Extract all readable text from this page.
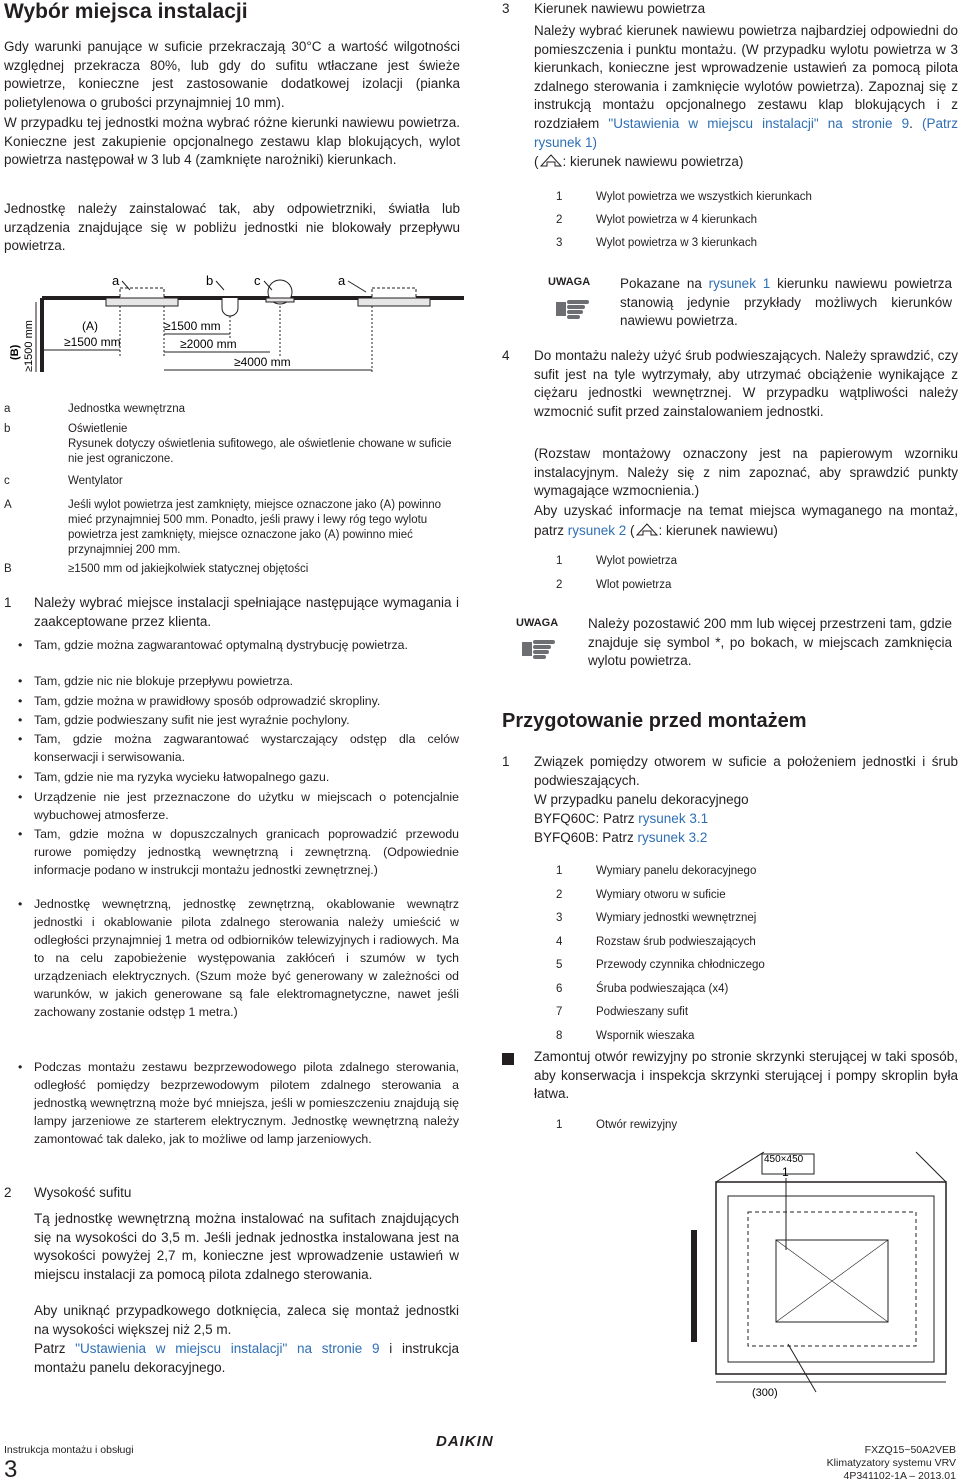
Wybór miejsca instalacji
Gdy warunki panujące w suficie przekraczają 30°C a wartość wilgotności względnej przekracza 80%, lub gdy do sufitu wtłaczane jest świeże powietrze, konieczne jest zastosowanie dodatkowej izolacji (pianka polietylenowa o grubości przynajmniej 10 mm).
W przypadku tej jednostki można wybrać różne kierunki nawiewu powietrza. Konieczne jest zakupienie opcjonalnego zestawu klap blokujących, wylot powietrza następował w 3 lub 4 (zamknięte narożniki) kierunkach.
Jednostkę należy zainstalować tak, aby odpowietrzniki, światła lub urządzenia znajdujące się w pobliżu jednostki nie blokowały przepływu powietrza.
a	b	c	a
(B) ≥1500 mm	(A)
≥1500 mm
≥1500 mm
≥2000 mm
≥4000 mm
a	Jednostka wewnętrzna
b	Oświetlenie
Rysunek dotyczy oświetlenia sufitowego, ale oświetlenie chowane w suficie nie jest ograniczone.
c	Wentylator
A	Jeśli wylot powietrza jest zamknięty, miejsce oznaczone jako (A) powinno mieć przynajmniej 500 mm. Ponadto, jeśli prawy i lewy róg tego wylotu powietrza jest zamknięty, miejsce oznaczone jako (A) powinno mieć przynajmniej 200 mm.
B	≥1500 mm od jakiejkolwiek statycznej objętości
1 Należy wybrać miejsce instalacji spełniające następujące wymagania i zaakceptowane przez klienta.
• Tam, gdzie można zagwarantować optymalną dystrybucję powietrza.
• Tam, gdzie nic nie blokuje przepływu powietrza.
• Tam, gdzie można w prawidłowy sposób odprowadzić skropliny.
• Tam, gdzie podwieszany sufit nie jest wyraźnie pochylony.
• Tam, gdzie można zagwarantować wystarczający odstęp dla celów konserwacji i serwisowania.
• Tam, gdzie nie ma ryzyka wycieku łatwopalnego gazu.
• Urządzenie nie jest przeznaczone do użytku w miejscach o potencjalnie wybuchowej atmosferze.
• Tam, gdzie można w dopuszczalnych granicach poprowadzić przewodu rurowe pomiędzy jednostką wewnętrzną i zewnętrzną. (Odpowiednie informacje podano w instrukcji montażu jednostki zewnętrznej.)
• Jednostkę wewnętrzną, jednostkę zewnętrzną, okablowanie wewnątrz jednostki i okablowanie pilota zdalnego sterowania należy umieścić w odległości przynajmniej 1 metra od odbiorników telewizyjnych i radiowych. Ma to na celu zapobieżenie występowania zakłóceń i szumów w tych urządzeniach elektrycznych. (Szum może być generowany w zależności od warunków, w jakich generowane są fale elektromagnetyczne, nawet jeśli zachowany zostanie odstęp 1 metra.)
• Podczas montażu zestawu bezprzewodowego pilota zdalnego sterowania, odległość pomiędzy bezprzewodowym pilotem zdalnego sterowania a jednostką wewnętrzną może być mniejsza, jeśli w pomieszczeniu znajdują się lampy jarzeniowe ze starterem elektrycznym. Jednostkę wewnętrzną należy zamontować tak daleko, jak to możliwe od lamp jarzeniowych.
2 Wysokość sufitu
Tą jednostkę wewnętrzną można instalować na sufitach znajdujących się na wysokości do 3,5 m. Jeśli jednak jednostka instalowana jest na wysokości powyżej 2,7 m, konieczne jest wprowadzenie ustawień w miejscu instalacji za pomocą pilota zdalnego sterowania.
Aby uniknąć przypadkowego dotknięcia, zaleca się montaż jednostki na wysokości większej niż 2,5 m.
Patrz "Ustawienia w miejscu instalacji" na stronie 9 i instrukcja montażu panelu dekoracyjnego.
3 Kierunek nawiewu powietrza
Należy wybrać kierunek nawiewu powietrza najbardziej odpowiedni do pomieszczenia i punktu montażu. (W przypadku wylotu powietrza w 3 kierunkach, konieczne jest wprowadzenie ustawień za pomocą pilota zdalnego sterowania i zamknięcie wylotów powietrza). Zapoznaj się z instrukcją montażu opcjonalnego zestawu klap blokujących i z rozdziałem "Ustawienia w miejscu instalacji" na stronie 9. (Patrz rysunek 1)
( : kierunek nawiewu powietrza)
1	Wylot powietrza we wszystkich kierunkach
2	Wylot powietrza w 4 kierunkach
3	Wylot powietrza w 3 kierunkach
UWAGA Pokazane na rysunek 1 kierunku nawiewu powietrza stanowią jedynie przykłady możliwych kierunków nawiewu powietrza.
4 Do montażu należy użyć śrub podwieszających. Należy sprawdzić, czy sufit jest na tyle wytrzymały, aby utrzymać obciążenie wynikające z ciężaru jednostki wewnętrznej. W przypadku wątpliwości należy wzmocnić sufit przed zainstalowaniem jednostki.
(Rozstaw montażowy oznaczony jest na papierowym wzorniku instalacyjnym. Należy się z nim zapoznać, aby sprawdzić punkty wymagające wzmocnienia.)
Aby uzyskać informacje na temat miejsca wymaganego na montaż, patrz rysunek 2 ( : kierunek nawiewu)
1	Wylot powietrza
2	Wlot powietrza
UWAGA Należy pozostawić 200 mm lub więcej przestrzeni tam, gdzie znajduje się symbol *, po bokach, w miejscach zamknięcia wylotu powietrza.
Przygotowanie przed montażem
1 Związek pomiędzy otworem w suficie a położeniem jednostki i śrub podwieszających.
W przypadku panelu dekoracyjnego
BYFQ60C: Patrz rysunek 3.1
BYFQ60B: Patrz rysunek 3.2
1	Wymiary panelu dekoracyjnego
2	Wymiary otworu w suficie
3	Wymiary jednostki wewnętrznej
4	Rozstaw śrub podwieszających
5	Przewody czynnika chłodniczego
6	Śruba podwieszająca (x4)
7	Podwieszany sufit
8	Wspornik wieszaka
Zamontuj otwór rewizyjny po stronie skrzynki sterującej w taki sposób, aby konserwacja i inspekcja skrzynki sterującej i pompy skroplin była łatwa.
1	Otwór rewizyjny
450×450
1
(300)
Instrukcja montażu i obsługi
3
DAIKIN	FXZQ15~50A2VEB
Klimatyzatory systemu VRV
4P341102-1A – 2013.01
